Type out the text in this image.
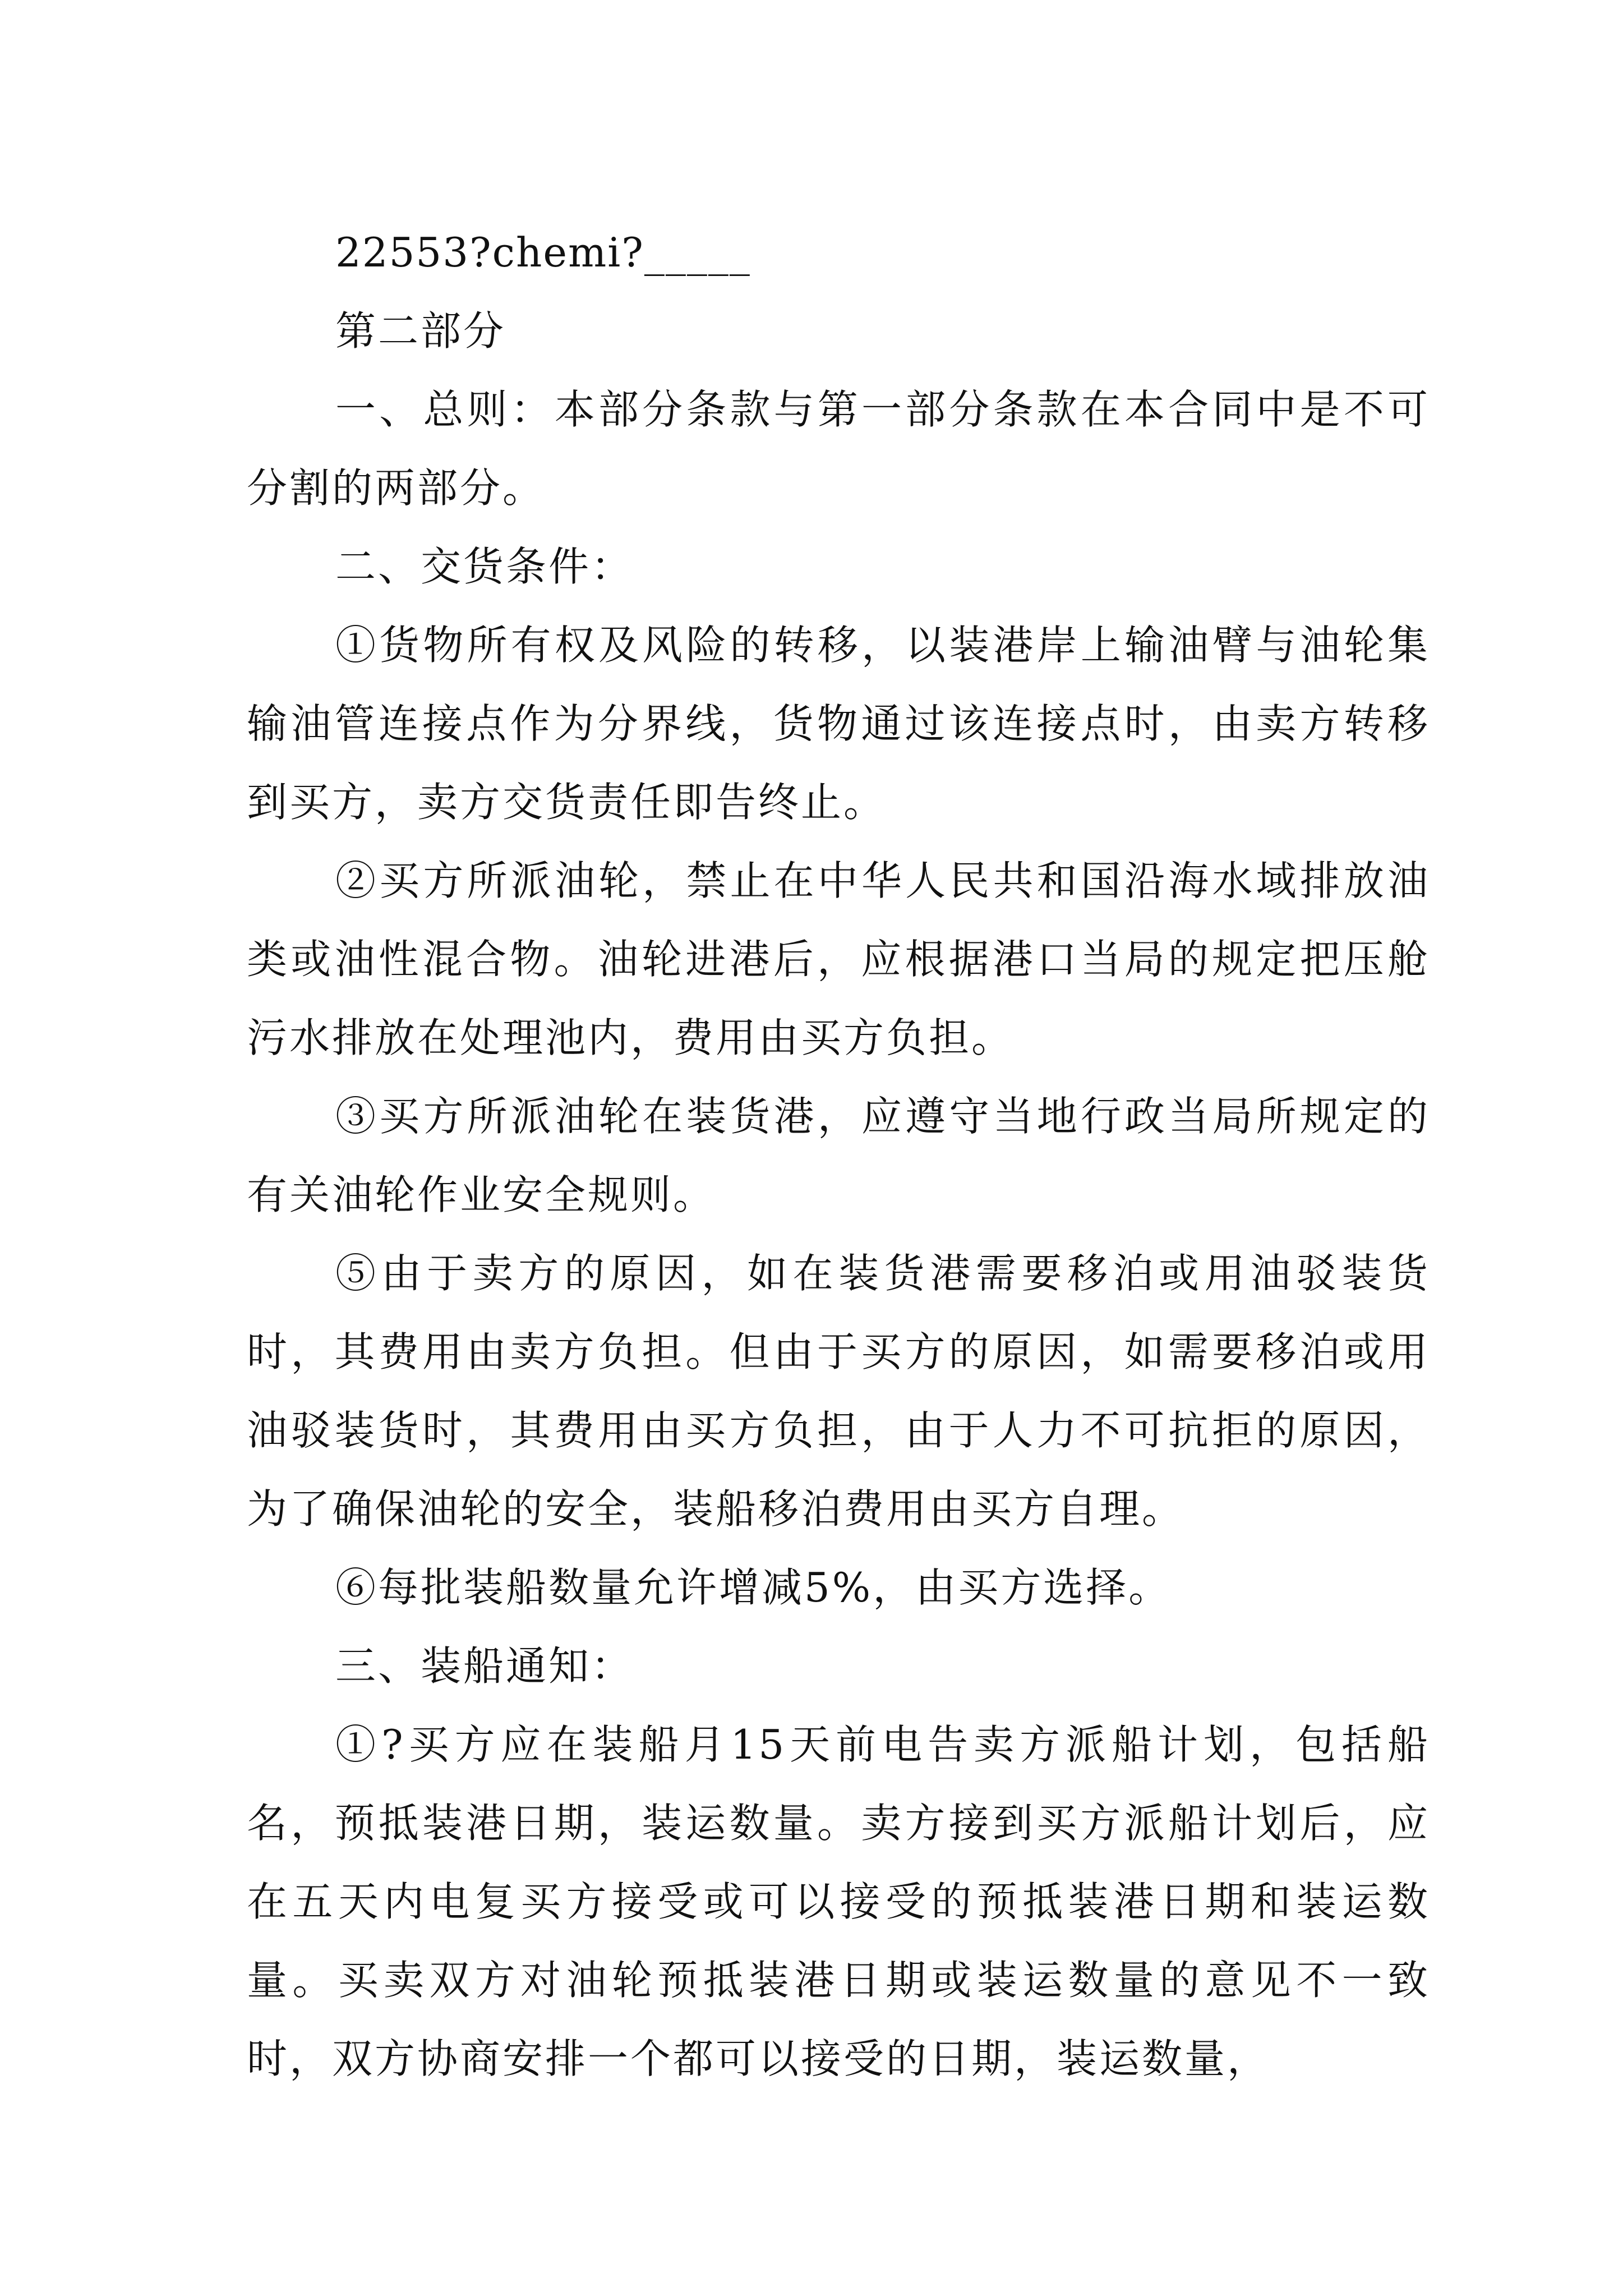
22553?chemi?_____

第二部分

一、总则：本部分条款与第一部分条款在本合同中是不可分割的两部分。

二、交货条件：

①货物所有权及风险的转移，以装港岸上输油臂与油轮集输油管连接点作为分界线，货物通过该连接点时，由卖方转移到买方，卖方交货责任即告终止。

②买方所派油轮，禁止在中华人民共和国沿海水域排放油类或油性混合物。油轮进港后，应根据港口当局的规定把压舱污水排放在处理池内，费用由买方负担。

③买方所派油轮在装货港，应遵守当地行政当局所规定的有关油轮作业安全规则。

⑤由于卖方的原因，如在装货港需要移泊或用油驳装货时，其费用由卖方负担。但由于买方的原因，如需要移泊或用油驳装货时，其费用由买方负担，由于人力不可抗拒的原因，为了确保油轮的安全，装船移泊费用由买方自理。

⑥每批装船数量允许增减5%，由买方选择。

三、装船通知：

①?买方应在装船月15天前电告卖方派船计划，包括船名，预抵装港日期，装运数量。卖方接到买方派船计划后，应在五天内电复买方接受或可以接受的预抵装港日期和装运数量。买卖双方对油轮预抵装港日期或装运数量的意见不一致时，双方协商安排一个都可以接受的日期，装运数量，
